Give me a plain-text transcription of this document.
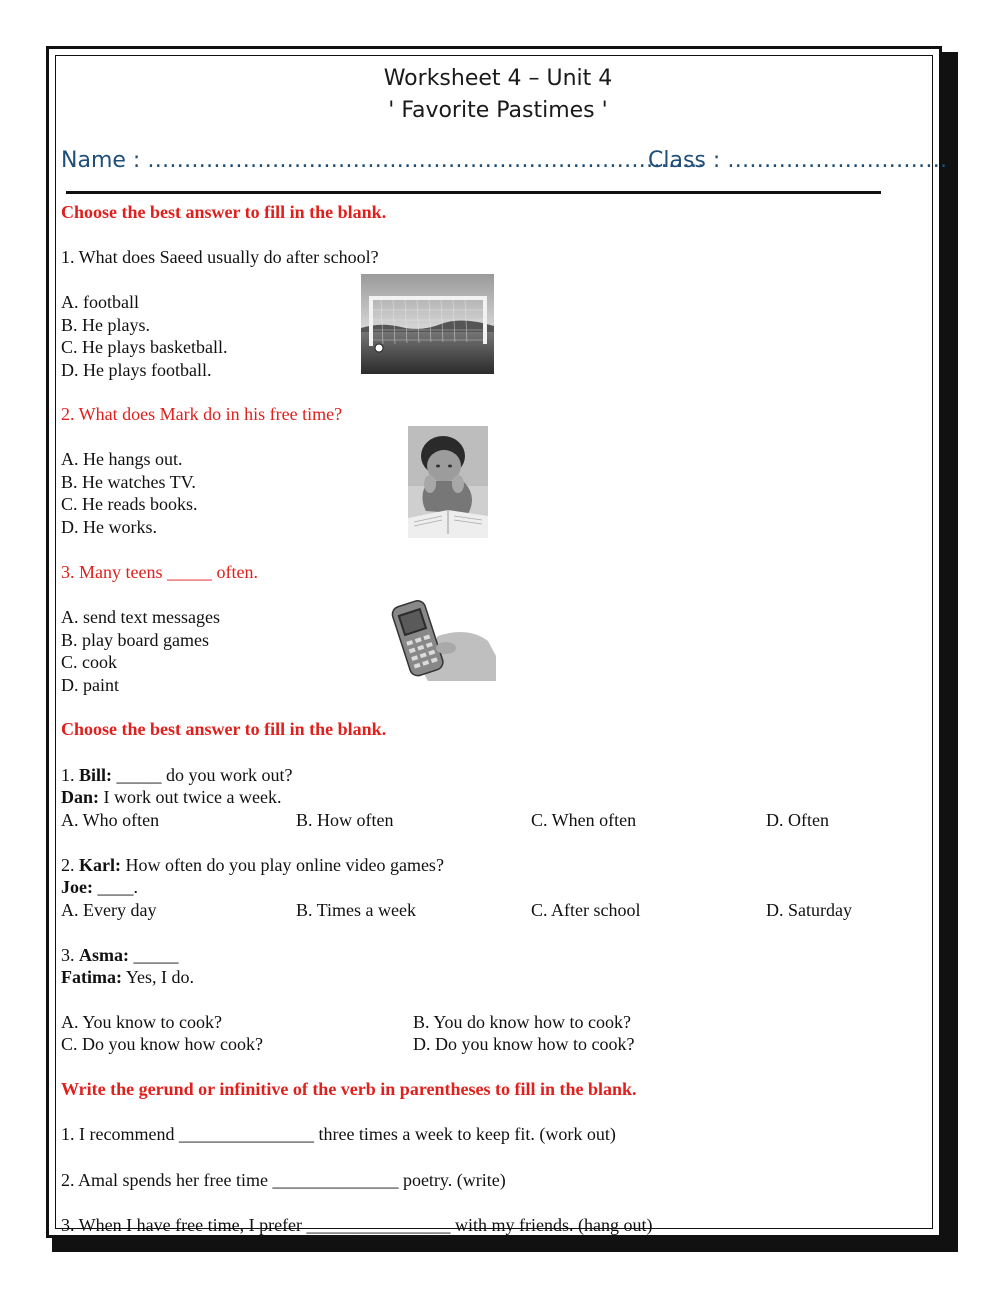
Worksheet 4 – Unit 4
' Favorite Pastimes '
Name : ………………………………………………………………….
Class : …………………………
Choose the best answer to fill in the blank.
1. What does Saeed usually do after school?
A. football
B. He plays.
C. He plays basketball.
D. He plays football.
2. What does Mark do in his free time?
A. He hangs out.
B. He watches TV.
C. He reads books.
D. He works.
3. Many teens _____ often.
A. send text messages
B. play board games
C. cook
D. paint
Choose the best answer to fill in the blank.
1. Bill: _____ do you work out?
Dan: I work out twice a week.
A. Who often	B. How often	C. When often	D. Often
2. Karl: How often do you play online video games?
Joe: ____.
A. Every day	B. Times a week	C. After school	D. Saturday
3. Asma: _____
Fatima: Yes, I do.
A. You know to cook?	B. You do know how to cook?
C. Do you know how cook?	D. Do you know how to cook?
Write the gerund or infinitive of the verb in parentheses to fill in the blank.
1. I recommend _______________ three times a week to keep fit. (work out)
2. Amal spends her free time ______________ poetry. (write)
3. When I have free time, I prefer ________________ with my friends. (hang out)
